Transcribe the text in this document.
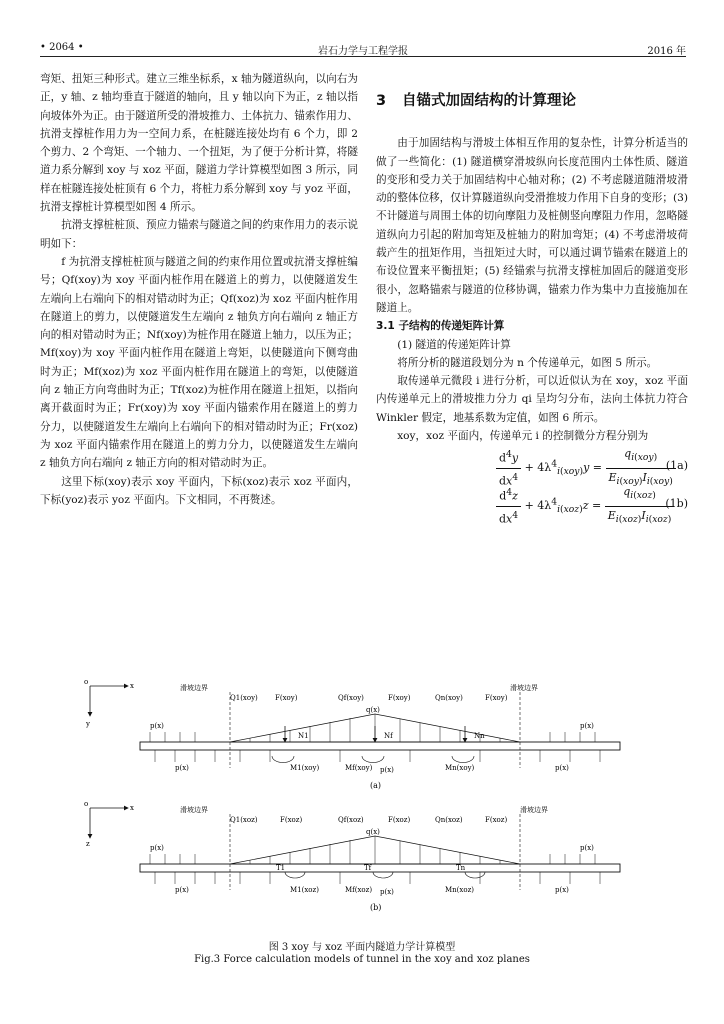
• 2064 •	岩石力学与工程学报	2016 年

弯矩、扭矩三种形式。建立三维坐标系，x 轴为隧道纵向，以向右为正，y 轴、z 轴均垂直于隧道的轴向，且 y 轴以向下为正，z 轴以指向坡体外为正。由于隧道所受的滑坡推力、土体抗力、锚索作用力、抗滑支撑桩作用力为一空间力系，在桩隧连接处均有 6 个力，即 2 个剪力、2 个弯矩、一个轴力、一个扭矩，为了便于分析计算，将隧道力系分解到 xoy 与 xoz 平面，隧道力学计算模型如图 3 所示，同样在桩隧连接处桩顶有 6 个力，将桩力系分解到 xoy 与 yoz 平面，抗滑支撑桩计算模型如图 4 所示。

抗滑支撑桩桩顶、预应力锚索与隧道之间的约束作用力的表示说明如下：

f 为抗滑支撑桩桩顶与隧道之间的约束作用位置或抗滑支撑桩编号；Qf(xoy)为 xoy 平面内桩作用在隧道上的剪力，以使隧道发生左端向上右端向下的相对错动时为正；Qf(xoz)为 xoz 平面内桩作用在隧道上的剪力，以使隧道发生左端向 z 轴负方向右端向 z 轴正方向的相对错动时为正；Nf(xoy)为桩作用在隧道上轴力，以压为正；Mf(xoy)为 xoy 平面内桩作用在隧道上弯矩，以使隧道向下侧弯曲时为正；Mf(xoz)为 xoz 平面内桩作用在隧道上的弯矩，以使隧道向 z 轴正方向弯曲时为正；Tf(xoz)为桩作用在隧道上扭矩，以指向离开截面时为正；Fr(xoy)为 xoy 平面内锚索作用在隧道上的剪力分力，以使隧道发生左端向上右端向下的相对错动时为正；Fr(xoz)为 xoz 平面内锚索作用在隧道上的剪力分力，以使隧道发生左端向 z 轴负方向右端向 z 轴正方向的相对错动时为正。

这里下标(xoy)表示 xoy 平面内，下标(xoz)表示 xoz 平面内，下标(yoz)表示 yoz 平面内。下文相同，不再赘述。

3 自锚式加固结构的计算理论

由于加固结构与滑坡土体相互作用的复杂性，计算分析适当的做了一些简化：(1) 隧道横穿滑坡纵向长度范围内土体性质、隧道的变形和受力关于加固结构中心轴对称；(2) 不考虑隧道随滑坡滑动的整体位移，仅计算隧道纵向受滑推坡力作用下自身的变形；(3) 不计隧道与周围土体的切向摩阻力及桩侧竖向摩阻力作用，忽略隧道纵向力引起的附加弯矩及桩轴力的附加弯矩；(4) 不考虑滑坡荷载产生的扭矩作用，当扭矩过大时，可以通过调节锚索在隧道上的布设位置来平衡扭矩；(5) 经锚索与抗滑支撑桩加固后的隧道变形很小，忽略锚索与隧道的位移协调，锚索力作为集中力直接施加在隧道上。

3.1 子结构的传递矩阵计算

(1) 隧道的传递矩阵计算

将所分析的隧道段划分为 n 个传递单元，如图 5 所示。

取传递单元微段 i 进行分析，可以近似认为在 xoy，xoz 平面内传递单元上的滑坡推力分力 qi 呈均匀分布，法向土体抗力符合 Winkler 假定，地基系数为定值，如图 6 所示。

xoy，xoz 平面内，传递单元 i 的控制微分方程分别为

$\frac{d^4y}{dx^4} + 4\lambda^4_{i(xoy)}y = \frac{q_{i(xoy)}}{E_{i(xoy)}I_{i(xoy)}}$
(1a)
$\frac{d^4z}{dx^4} + 4\lambda^4_{i(xoz)}z = \frac{q_{i(xoz)}}{E_{i(xoz)}I_{i(xoz)}}$
(1b)
o	x
y
滑坡边界	滑坡边界
Q1(xoy) F(xoy)	Qf(xoy)	F(xoy)	Qn(xoy)	F(xoy)
q(x)
p(x)	p(x)
N1	Nf	Nn
p(x)	M1(xoy)	Mf(xoy) p(x)	Mn(xoy)	p(x)
(a)
o	x
z
滑坡边界	滑坡边界
Q1(xoz)	F(xoz)	Qf(xoz)	F(xoz)	Qn(xoz)	F(xoz)
q(x)
p(x)	p(x)
T1	Tf	Tn
p(x)	M1(xoz)	Mf(xoz) p(x)	Mn(xoz)	p(x)
(b)
图 3 xoy 与 xoz 平面内隧道力学计算模型
Fig.3 Force calculation models of tunnel in the xoy and xoz planes
